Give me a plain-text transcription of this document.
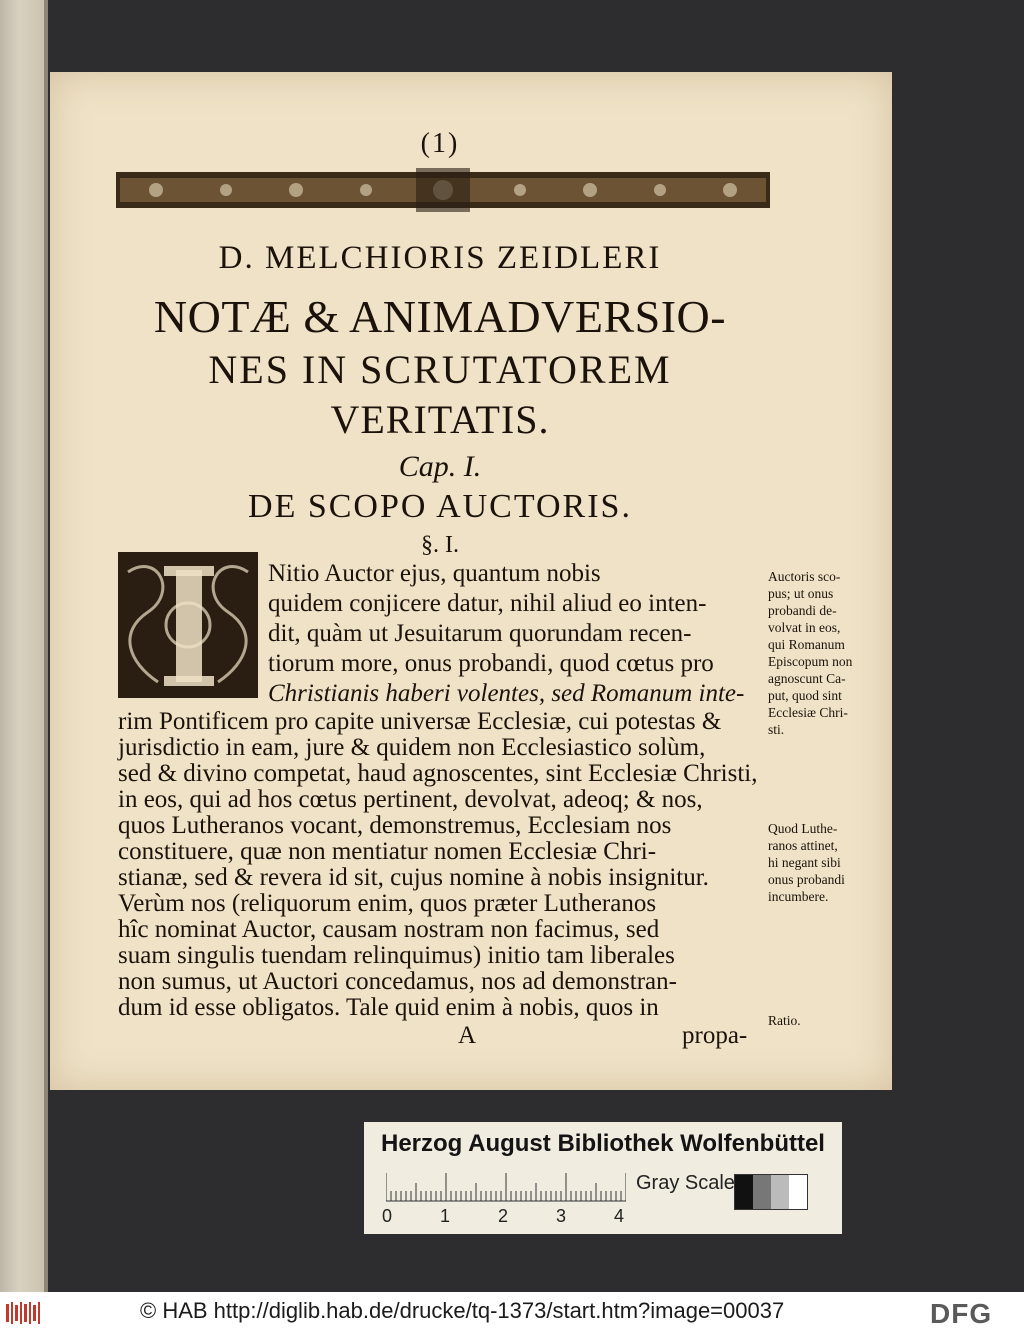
(1)
D. MELCHIORIS ZEIDLERI
NOTÆ & ANIMADVERSIO-
NES IN SCRUTATOREM
VERITATIS.
Cap. I.
DE SCOPO AUCTORIS.
§. I.
Nitio Auctor ejus, quantum nobis
quidem conjicere datur, nihil aliud eo inten-
dit, quàm ut Jesuitarum quorundam recen-
tiorum more, onus probandi, quod cœtus pro
Christianis haberi volentes, sed Romanum inte-
rim Pontificem pro capite universæ Ecclesiæ, cui potestas &
jurisdictio in eam, jure & quidem non Ecclesiastico solùm,
sed & divino competat, haud agnoscentes, sint Ecclesiæ Christi,
in eos, qui ad hos cœtus pertinent, devolvat, adeoq; & nos,
quos Lutheranos vocant, demonstremus, Ecclesiam nos
constituere, quæ non mentiatur nomen Ecclesiæ Chri-
stianæ, sed & revera id sit, cujus nomine à nobis insignitur.
Verùm nos (reliquorum enim, quos præter Lutheranos
hîc nominat Auctor, causam nostram non facimus, sed
suam singulis tuendam relinquimus) initio tam liberales
non sumus, ut Auctori concedamus, nos ad demonstran-
dum id esse obligatos. Tale quid enim à nobis, quos in
A	propa-
Auctoris sco-
pus; ut onus
probandi de-
volvat in eos,
qui Romanum
Episcopum non
agnoscunt Ca-
put, quod sint
Ecclesiæ Chri-
sti.
Quod Luthe-
ranos attinet,
hi negant sibi
onus probandi
incumbere.
Ratio.
Herzog August Bibliothek Wolfenbüttel
0	1	2	3	4
Gray Scale
© HAB http://diglib.hab.de/drucke/tq-1373/start.htm?image=00037	DFG
